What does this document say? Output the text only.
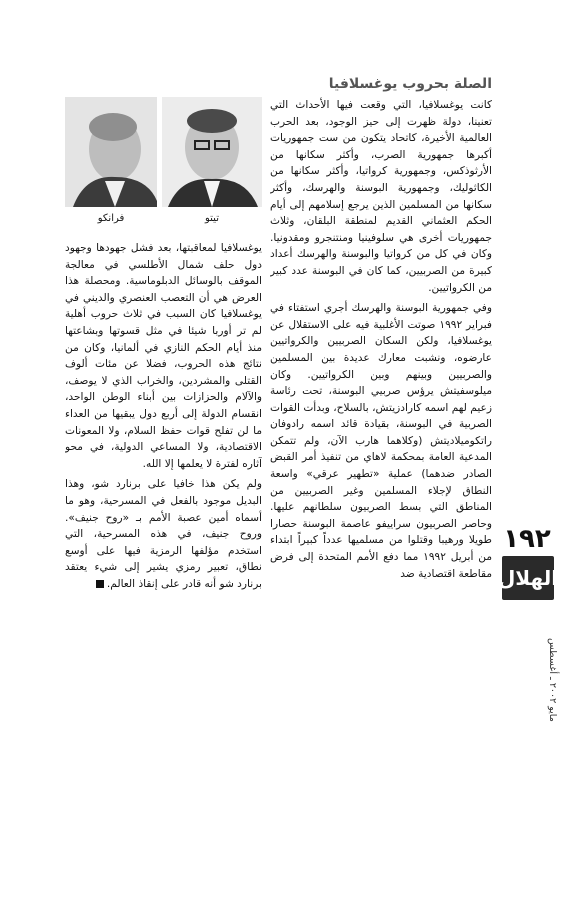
الصلة بحروب يوغسلافيا
فرانكو	تيتو

كانت يوغسلافيا، التي وقعت فيها الأحداث التي تعنينا، دولة ظهرت إلى حيز الوجود، بعد الحرب العالمية الأخيرة، كاتحاد يتكون من ست جمهوريات أكبرها جمهورية الصرب، وأكثر سكانها من الأرثوذكس، وجمهورية كرواتيا، وأكثر سكانها من الكاثوليك، وجمهورية البوسنة والهرسك، وأكثر سكانها من المسلمين الذين يرجع إسلامهم إلى أيام الحكم العثماني القديم لمنطقة البلقان، وثلاث جمهوريات أخرى هي سلوفينيا ومنتنجرو ومقدونيا. وكان في كل من كرواتيا والبوسنة والهرسك أعداد كبيرة من الصربيين، كما كان في البوسنة عدد كبير من الكرواتيين.

وفي جمهورية البوسنة والهرسك أجري استفتاء في فبراير ١٩٩٢ صوتت الأغلبية فيه على الاستقلال عن يوغسلافيا، ولكن السكان الصربيين والكرواتيين عارضوه، ونشبت معارك عديدة بين المسلمين والصربيين وبينهم وبين الكرواتيين. وكان ميلوسفيتش يرؤس صربيي البوسنة، تحت رئاسة زعيم لهم اسمه كارادزيتش، بالسلاح، وبدأت القوات الصربية في البوسنة، بقيادة قائد اسمه رادوفان راتكوميلاديتش (وكلاهما هارب الآن، ولم تتمكن المدعية العامة بمحكمة لاهاي من تنفيذ أمر القبض الصادر ضدهما) عملية «تطهير عرقي» واسعة النطاق لإجلاء المسلمين وغير الصربيين من المناطق التي بسط الصربيون سلطانهم عليها. وحاصر الصربيون سراييفو عاصمة البوسنة حصارا طويلا ورهيبا وقتلوا من مسلميها عدداً كبيراً ابتداء من أبريل ١٩٩٢ مما دفع الأمم المتحدة إلى فرض مقاطعة اقتصادية ضد

يوغسلافيا لمعاقبتها، بعد فشل جهودها وجهود دول حلف شمال الأطلسي في معالجة الموقف بالوسائل الدبلوماسية. ومحصلة هذا العرض هي أن التعصب العنصري والديني في يوغسلافيا كان السبب في ثلاث حروب أهلية لم تر أوربا شيئا في مثل قسوتها وبشاعتها منذ أيام الحكم النازي في ألمانيا، وكان من نتائج هذه الحروب، فضلا عن مئات ألوف القتلى والمشردين، والخراب الذي لا يوصف، والآلام والحزازات بين أبناء الوطن الواحد، انقسام الدولة إلى أربع دول يبقيها من العداء ما لن تفلح قوات حفظ السلام، ولا المعونات الاقتصادية، ولا المساعي الدولية، في محو آثاره لفترة لا يعلمها إلا الله.

ولم يكن هذا خافيا على برنارد شو، وهذا البديل موجود بالفعل في المسرحية، وهو ما أسماه أمين عصبة الأمم بـ «روح جنيف». وروح جنيف، في هذه المسرحية، التي استخدم مؤلفها الرمزية فيها على أوسع نطاق، تعبير رمزي يشير إلى شيء يعتقد برنارد شو أنه قادر على إنقاذ العالم.

١٩٢
الهلال
مايو ٢٠٠٢ ـ أغسطس
